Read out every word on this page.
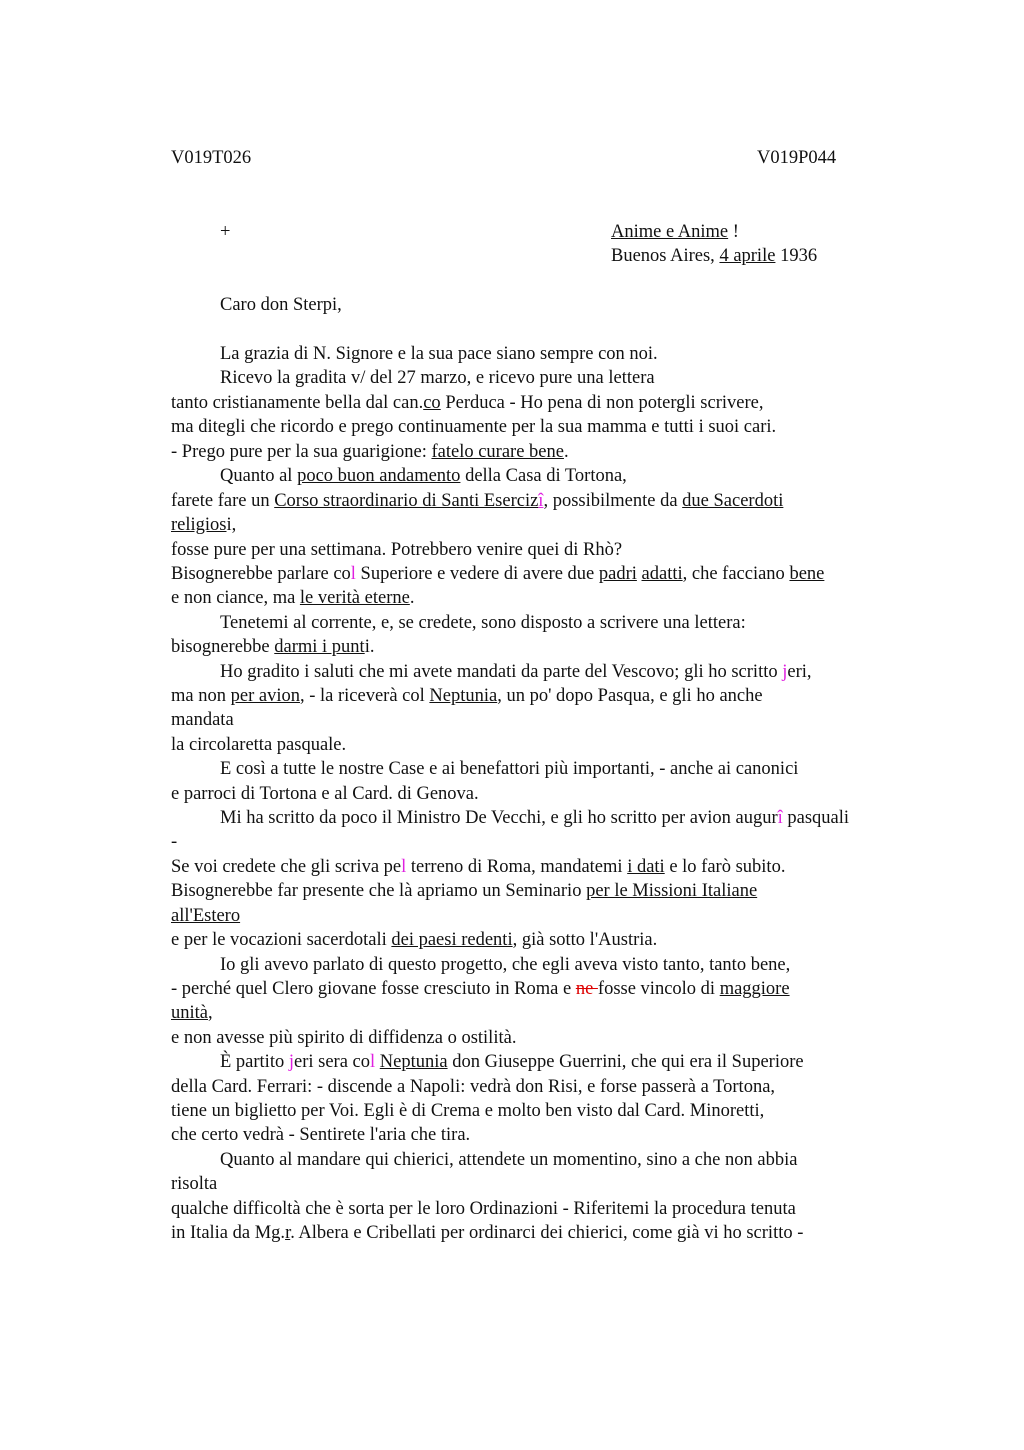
V019T026	V019P044
+	Anime e Anime !
Buenos Aires, 4 aprile 1936
Caro don Sterpi,
La grazia di N. Signore e la sua pace siano sempre con noi.
Ricevo la gradita v/ del 27 marzo, e ricevo pure una lettera
tanto cristianamente bella dal can.co Perduca - Ho pena di non potergli scrivere,
ma ditegli che ricordo e prego continuamente per la sua mamma e tutti i suoi cari.
- Prego pure per la sua guarigione: fatelo curare bene.
Quanto al poco buon andamento della Casa di Tortona,
farete fare un Corso straordinario di Santi Esercizî, possibilmente da due Sacerdoti
religiosi,
fosse pure per una settimana. Potrebbero venire quei di Rhò?
Bisognerebbe parlare col Superiore e vedere di avere due padri adatti, che facciano bene
e non ciance, ma le verità eterne.
Tenetemi al corrente, e, se credete, sono disposto a scrivere una lettera:
bisognerebbe darmi i punti.
Ho gradito i saluti che mi avete mandati da parte del Vescovo; gli ho scritto jeri,
ma non per avion, - la riceverà col Neptunia, un po' dopo Pasqua, e gli ho anche
mandata
la circolaretta pasquale.
E così a tutte le nostre Case e ai benefattori più importanti, - anche ai canonici
e parroci di Tortona e al Card. di Genova.
Mi ha scritto da poco il Ministro De Vecchi, e gli ho scritto per avion augurî pasquali
-
Se voi credete che gli scriva pel terreno di Roma, mandatemi i dati e lo farò subito.
Bisognerebbe far presente che là apriamo un Seminario per le Missioni Italiane
all'Estero
e per le vocazioni sacerdotali dei paesi redenti, già sotto l'Austria.
Io gli avevo parlato di questo progetto, che egli aveva visto tanto, tanto bene,
- perché quel Clero giovane fosse cresciuto in Roma e ne fosse vincolo di maggiore
unità,
e non avesse più spirito di diffidenza o ostilità.
È partito jeri sera col Neptunia don Giuseppe Guerrini, che qui era il Superiore
della Card. Ferrari: - discende a Napoli: vedrà don Risi, e forse passerà a Tortona,
tiene un biglietto per Voi. Egli è di Crema e molto ben visto dal Card. Minoretti,
che certo vedrà - Sentirete l'aria che tira.
Quanto al mandare qui chierici, attendete un momentino, sino a che non abbia
risolta
qualche difficoltà che è sorta per le loro Ordinazioni - Riferitemi la procedura tenuta
in Italia da Mg.r. Albera e Cribellati per ordinarci dei chierici, come già vi ho scritto -
